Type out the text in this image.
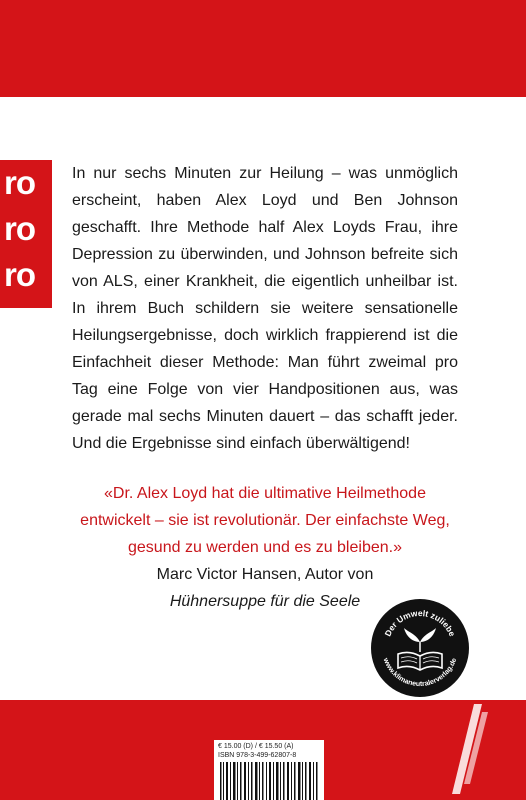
ro
ro
ro

In nur sechs Minuten zur Heilung – was unmöglich erscheint, haben Alex Loyd und Ben Johnson geschafft. Ihre Methode half Alex Loyds Frau, ihre Depression zu überwinden, und Johnson befreite sich von ALS, einer Krankheit, die eigentlich unheilbar ist. In ihrem Buch schildern sie weitere sensationelle Heilungsergebnisse, doch wirklich frappierend ist die Einfachheit dieser Methode: Man führt zweimal pro Tag eine Folge von vier Handpositionen aus, was gerade mal sechs Minuten dauert – das schafft jeder. Und die Ergebnisse sind einfach überwältigend!

«Dr. Alex Loyd hat die ultimative Heilmethode entwickelt – sie ist revolutionär. Der einfachste Weg, gesund zu werden und es zu bleiben.»

Marc Victor Hansen, Autor von
Hühnersuppe für die Seele
Der Umwelt zuliebe
www.klimaneutralerverlag.de
€ 15.00 (D) / € 15.50 (A)
ISBN 978-3-499-62807-8
